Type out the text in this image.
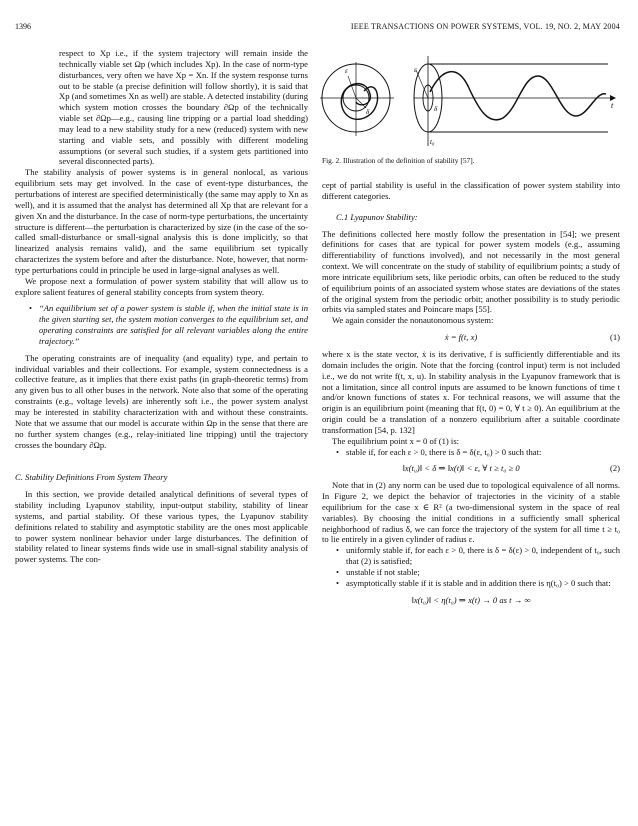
1396	IEEE TRANSACTIONS ON POWER SYSTEMS, VOL. 19, NO. 2, MAY 2004

respect to Xp i.e., if the system trajectory will remain inside the technically viable set Ωp (which includes Xp). In the case of norm-type disturbances, very often we have Xp = Xn. If the system response turns out to be stable (a precise definition will follow shortly), it is said that Xp (and sometimes Xn as well) are stable. A detected instability (during which system motion crosses the boundary ∂Ωp of the technically viable set ∂Ωp—e.g., causing line tripping or a partial load shedding) may lead to a new stability study for a new (reduced) system with new starting and viable sets, and possibly with different modeling assumptions (or several such studies, if a system gets partitioned into several disconnected parts).

The stability analysis of power systems is in general nonlocal, as various equilibrium sets may get involved. In the case of event-type disturbances, the perturbations of interest are specified deterministically (the same may apply to Xn as well), and it is assumed that the analyst has determined all Xp that are relevant for a given Xn and the disturbance. In the case of norm-type perturbations, the uncertainty structure is different—the perturbation is characterized by size (in the case of the so-called small-disturbance or small-signal analysis this is done implicitly, so that linearized analysis remains valid), and the same equilibrium set typically characterizes the system before and after the disturbance. Note, however, that norm-type perturbations could in principle be used in large-signal analyses as well.

We propose next a formulation of power system stability that will allow us to explore salient features of general stability concepts from system theory.

• “An equilibrium set of a power system is stable if, when the initial state is in the given starting set, the system motion converges to the equilibrium set, and operating constraints are satisfied for all relevant variables along the entire trajectory.”

The operating constraints are of inequality (and equality) type, and pertain to individual variables and their collections. For example, system connectedness is a collective feature, as it implies that there exist paths (in graph-theoretic terms) from any given bus to all other buses in the network. Note also that some of the operating constraints (e.g., voltage levels) are inherently soft i.e., the power system analyst may be interested in stability characterization with and without these constraints. Note that we assume that our model is accurate within Ωp in the sense that there are no further system changes (e.g., relay-initiated line tripping) until the trajectory crosses the boundary ∂Ωp.

C. Stability Definitions From System Theory

In this section, we provide detailed analytical definitions of several types of stability including Lyapunov stability, input-output stability, stability of linear systems, and partial stability. Of these various types, the Lyapunov stability definitions related to stability and asymptotic stability are the ones most applicable to power system nonlinear behavior under large disturbances. The definition of stability related to linear systems finds wide use in small-signal stability analysis of power systems. The con-

ε
δ
ε
δ	t
t₀
Fig. 2. Illustration of the definition of stability [57].

cept of partial stability is useful in the classification of power system stability into different categories.

C.1 Lyapunov Stability:

The definitions collected here mostly follow the presentation in [54]; we present definitions for cases that are typical for power system models (e.g., assuming differentiability of functions involved), and not necessarily in the most general context. We will concentrate on the study of stability of equilibrium points; a study of more intricate equilibrium sets, like periodic orbits, can often be reduced to the study of equilibrium points of an associated system whose states are deviations of the states of the original system from the periodic orbit; another possibility is to study periodic orbits via sampled states and Poincare maps [55].

We again consider the nonautonomous system:

ẋ = f(t, x)	(1)

where x is the state vector, ẋ is its derivative, f is sufficiently differentiable and its domain includes the origin. Note that the forcing (control input) term is not included i.e., we do not write f(t, x, u). In stability analysis in the Lyapunov framework that is not a limitation, since all control inputs are assumed to be known functions of time t and/or known functions of states x. For technical reasons, we will assume that the origin is an equilibrium point (meaning that f(t, 0) = 0, ∀ t ≥ 0). An equilibrium at the origin could be a translation of a nonzero equilibrium after a suitable coordinate transformation [54, p. 132]

The equilibrium point x = 0 of (1) is:

• stable if, for each ε > 0, there is δ = δ(ε, t₀) > 0 such that:

‖x(t₀)‖ < δ ⇒ ‖x(t)‖ < ε, ∀ t ≥ t₀ ≥ 0	(2)

Note that in (2) any norm can be used due to topological equivalence of all norms. In Figure 2, we depict the behavior of trajectories in the vicinity of a stable equilibrium for the case x ∈ R² (a two-dimensional system in the space of real variables). By choosing the initial conditions in a sufficiently small spherical neighborhood of radius δ, we can force the trajectory of the system for all time t ≥ t₀ to lie entirely in a given cylinder of radius ε.

• uniformly stable if, for each ε > 0, there is δ = δ(ε) > 0, independent of t₀, such that (2) is satisfied;

• unstable if not stable;

• asymptotically stable if it is stable and in addition there is η(t₀) > 0 such that:

‖x(t₀)‖ < η(t₀) ⇒ x(t) → 0 as t → ∞
